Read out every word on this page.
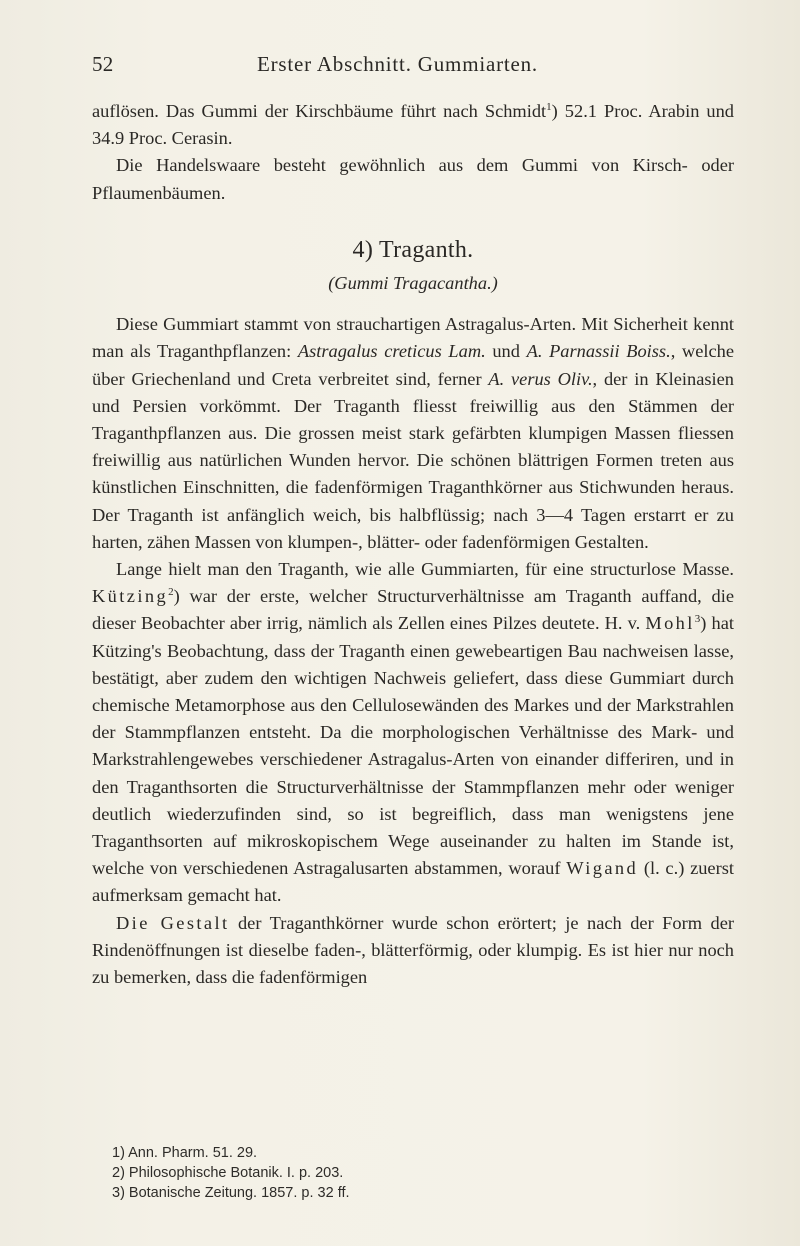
52	Erster Abschnitt. Gummiarten.

auflösen. Das Gummi der Kirschbäume führt nach Schmidt$^1$) 52.1 Proc. Arabin und 34.9 Proc. Cerasin.

Die Handelswaare besteht gewöhnlich aus dem Gummi von Kirsch- oder Pflaumenbäumen.

4) Traganth.
(Gummi Tragacantha.)

Diese Gummiart stammt von strauchartigen Astragalus-Arten. Mit Sicherheit kennt man als Traganthpflanzen: Astragalus creticus Lam. und A. Parnassii Boiss., welche über Griechenland und Creta verbreitet sind, ferner A. verus Oliv., der in Kleinasien und Persien vorkömmt. Der Traganth fliesst freiwillig aus den Stämmen der Traganthpflanzen aus. Die grossen meist stark gefärbten klumpigen Massen fliessen freiwillig aus natürlichen Wunden hervor. Die schönen blättrigen Formen treten aus künstlichen Einschnitten, die fadenförmigen Traganthkörner aus Stichwunden heraus. Der Traganth ist anfänglich weich, bis halbflüssig; nach 3—4 Tagen erstarrt er zu harten, zähen Massen von klumpen-, blätter- oder fadenförmigen Gestalten.

Lange hielt man den Traganth, wie alle Gummiarten, für eine structurlose Masse. Kützing$^2$) war der erste, welcher Structurverhältnisse am Traganth auffand, die dieser Beobachter aber irrig, nämlich als Zellen eines Pilzes deutete. H. v. Mohl$^3$) hat Kützing's Beobachtung, dass der Traganth einen gewebeartigen Bau nachweisen lasse, bestätigt, aber zudem den wichtigen Nachweis geliefert, dass diese Gummiart durch chemische Metamorphose aus den Cellulosewänden des Markes und der Markstrahlen der Stammpflanzen entsteht. Da die morphologischen Verhältnisse des Mark- und Markstrahlengewebes verschiedener Astragalus-Arten von einander differiren, und in den Traganthsorten die Structurverhältnisse der Stammpflanzen mehr oder weniger deutlich wiederzufinden sind, so ist begreiflich, dass man wenigstens jene Traganthsorten auf mikroskopischem Wege auseinander zu halten im Stande ist, welche von verschiedenen Astragalusarten abstammen, worauf Wigand (l. c.) zuerst aufmerksam gemacht hat.

Die Gestalt der Traganthkörner wurde schon erörtert; je nach der Form der Rindenöffnungen ist dieselbe faden-, blätterförmig, oder klumpig. Es ist hier nur noch zu bemerken, dass die fadenförmigen

1) Ann. Pharm. 51. 29.
2) Philosophische Botanik. I. p. 203.
3) Botanische Zeitung. 1857. p. 32 ff.
